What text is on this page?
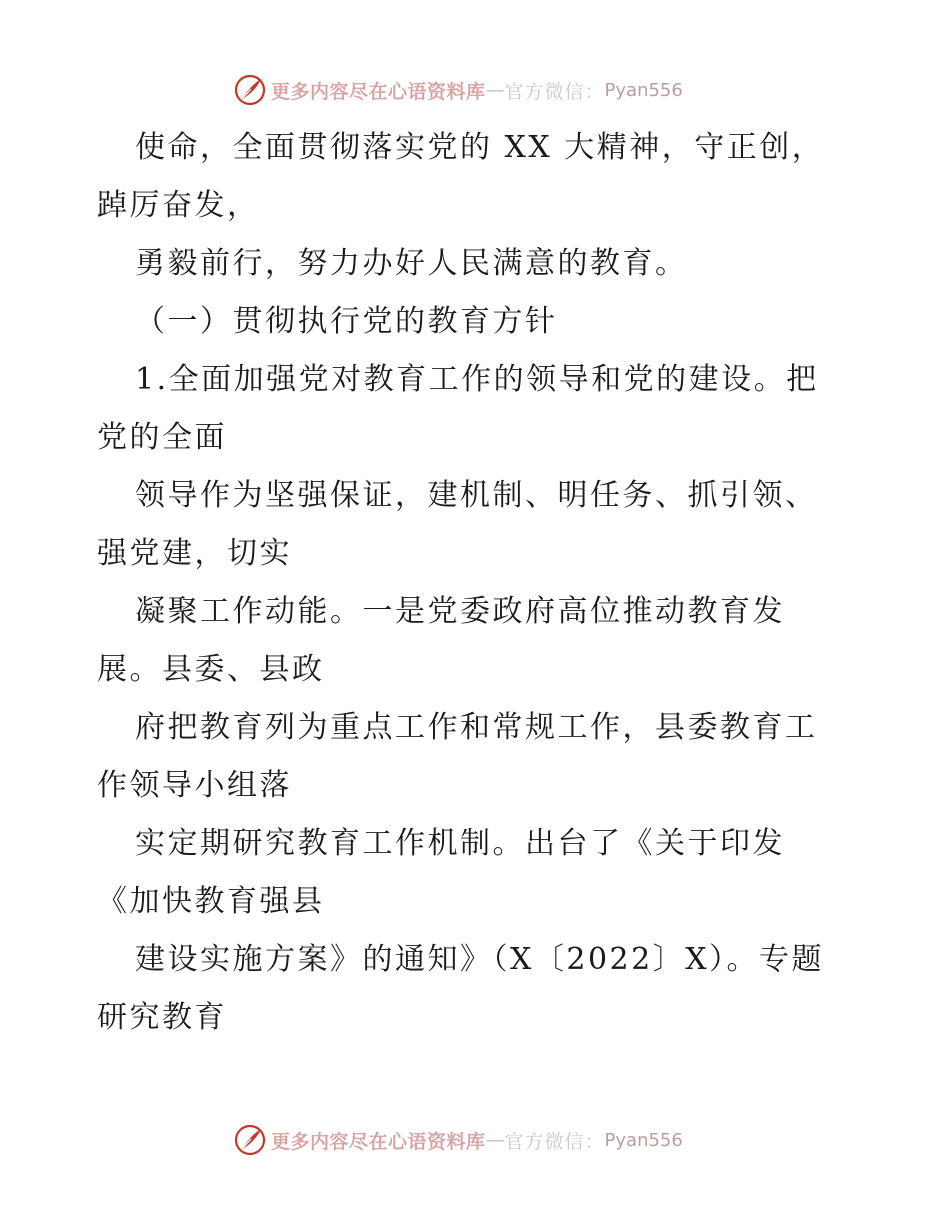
更多内容尽在心语资料库 — 官方微信： Pyan556
使命，全面贯彻落实党的 XX 大精神，守正创，
踔厉奋发，
勇毅前行，努力办好人民满意的教育。
（一）贯彻执行党的教育方针
1.全面加强党对教育工作的领导和党的建设。把
党的全面
领导作为坚强保证，建机制、明任务、抓引领、
强党建，切实
凝聚工作动能。一是党委政府高位推动教育发
展。县委、县政
府把教育列为重点工作和常规工作，县委教育工
作领导小组落
实定期研究教育工作机制。出台了《关于印发
《加快教育强县
建设实施方案》的通知》（X〔2022〕X）。专题
研究教育
更多内容尽在心语资料库 — 官方微信： Pyan556
